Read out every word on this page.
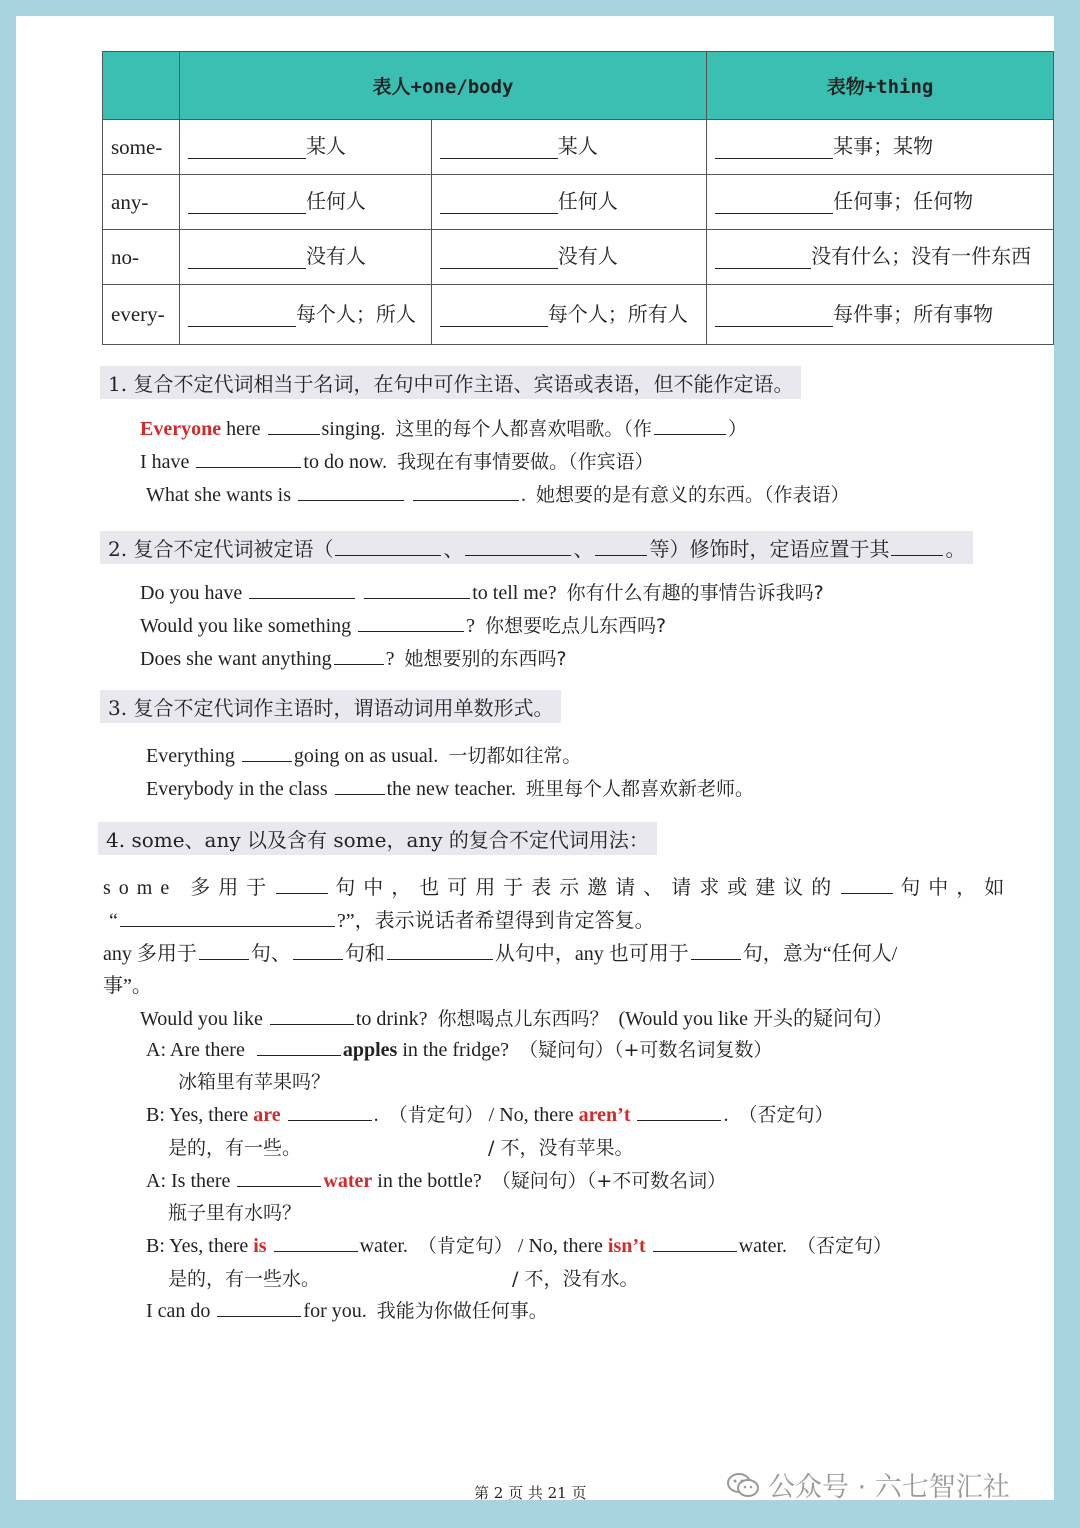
	表人+one/body		表物+thing
some-	某人	某人	某事；某物

any-	任何人	任何人	任何事；任何物

no-	没有人	没有人	没有什么；没有一件东西

every-	每个人；所人	每个人；所有人	每件事；所有事物
1. 复合不定代词相当于名词，在句中可作主语、宾语或表语，但不能作定语。
Everyone here	singing. 这里的每个人都喜欢唱歌。（作	）
I have	to do now. 我现在有事情要做。（作宾语）
What she wants is	. 她想要的是有意义的东西。（作表语）
2. 复合不定代词被定语（	、	、	等）修饰时，定语应置于其	。
Do you have	to tell me? 你有什么有趣的事情告诉我吗?
Would you like something	? 你想要吃点儿东西吗?
Does she want anything	? 她想要别的东西吗?
3. 复合不定代词作主语时，谓语动词用单数形式。
Everything	going on as usual. 一切都如往常。
Everybody in the class	the new teacher. 班里每个人都喜欢新老师。
4. some、any 以及含有 some，any 的复合不定代词用法：
some 多用于	句中，也可用于表示邀请、请求或建议的	句中，如
“	?”，表示说话者希望得到肯定答复。
any 多用于	句、	句和	从句中，any 也可用于	句，意为“任何人/
事”。
Would you like	to drink? 你想喝点儿东西吗？ (Would you like 开头的疑问句）
A: Are there	apples in the fridge? （疑问句）（+可数名词复数）
冰箱里有苹果吗？
B: Yes, there are	. （肯定句） / No, there aren’t	. （否定句）
是的，有一些。	/ 不，没有苹果。
A: Is there	water in the bottle? （疑问句）（+不可数名词）
瓶子里有水吗？
B: Yes, there is	water. （肯定句） / No, there isn’t	water. （否定句）
是的，有一些水。	/ 不，没有水。
I can do	for you. 我能为你做任何事。
第 2 页 共 21 页	公众号 · 六七智汇社
